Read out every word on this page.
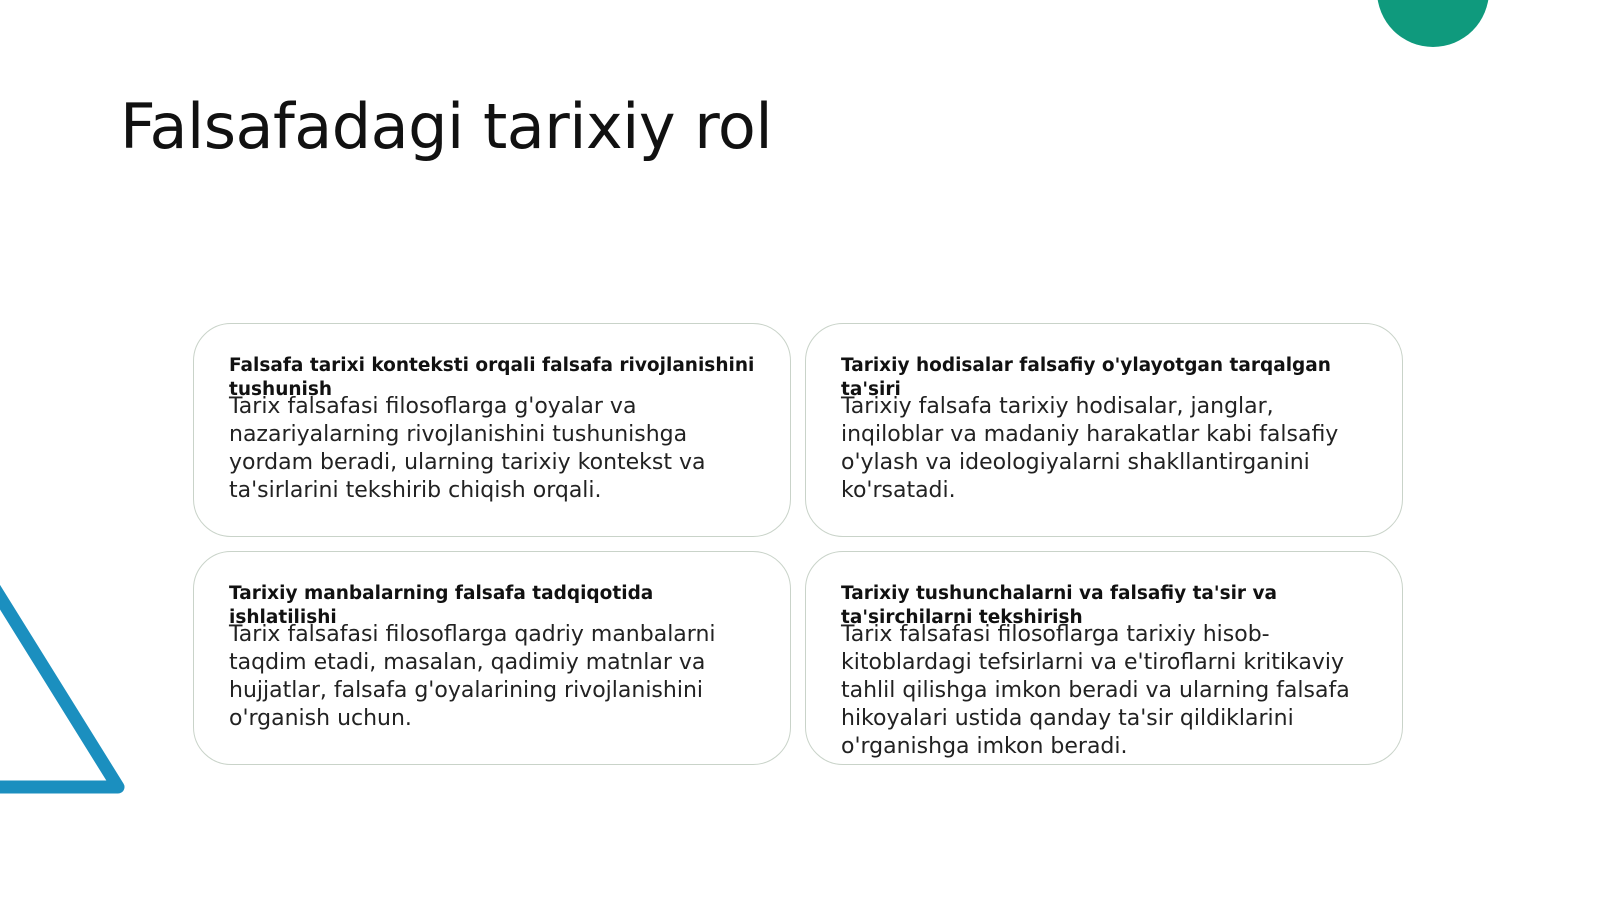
Falsafadagi tarixiy rol
Falsafa tarixi konteksti orqali falsafa rivojlanishini tushunish

Tarix falsafasi filosoflarga g'oyalar va nazariyalarning rivojlanishini tushunishga yordam beradi, ularning tarixiy kontekst va ta'sirlarini tekshirib chiqish orqali.

Tarixiy hodisalar falsafiy o'ylayotgan tarqalgan ta'siri

Tarixiy falsafa tarixiy hodisalar, janglar, inqiloblar va madaniy harakatlar kabi falsafiy o'ylash va ideologiyalarni shakllantirganini ko'rsatadi.

Tarixiy manbalarning falsafa tadqiqotida ishlatilishi

Tarix falsafasi filosoflarga qadriy manbalarni taqdim etadi, masalan, qadimiy matnlar va hujjatlar, falsafa g'oyalarining rivojlanishini o'rganish uchun.

Tarixiy tushunchalarni va falsafiy ta'sir va ta'sirchilarni tekshirish

Tarix falsafasi filosoflarga tarixiy hisob-kitoblardagi tefsirlarni va e'tiroflarni kritikaviy tahlil qilishga imkon beradi va ularning falsafa hikoyalari ustida qanday ta'sir qildiklarini o'rganishga imkon beradi.
